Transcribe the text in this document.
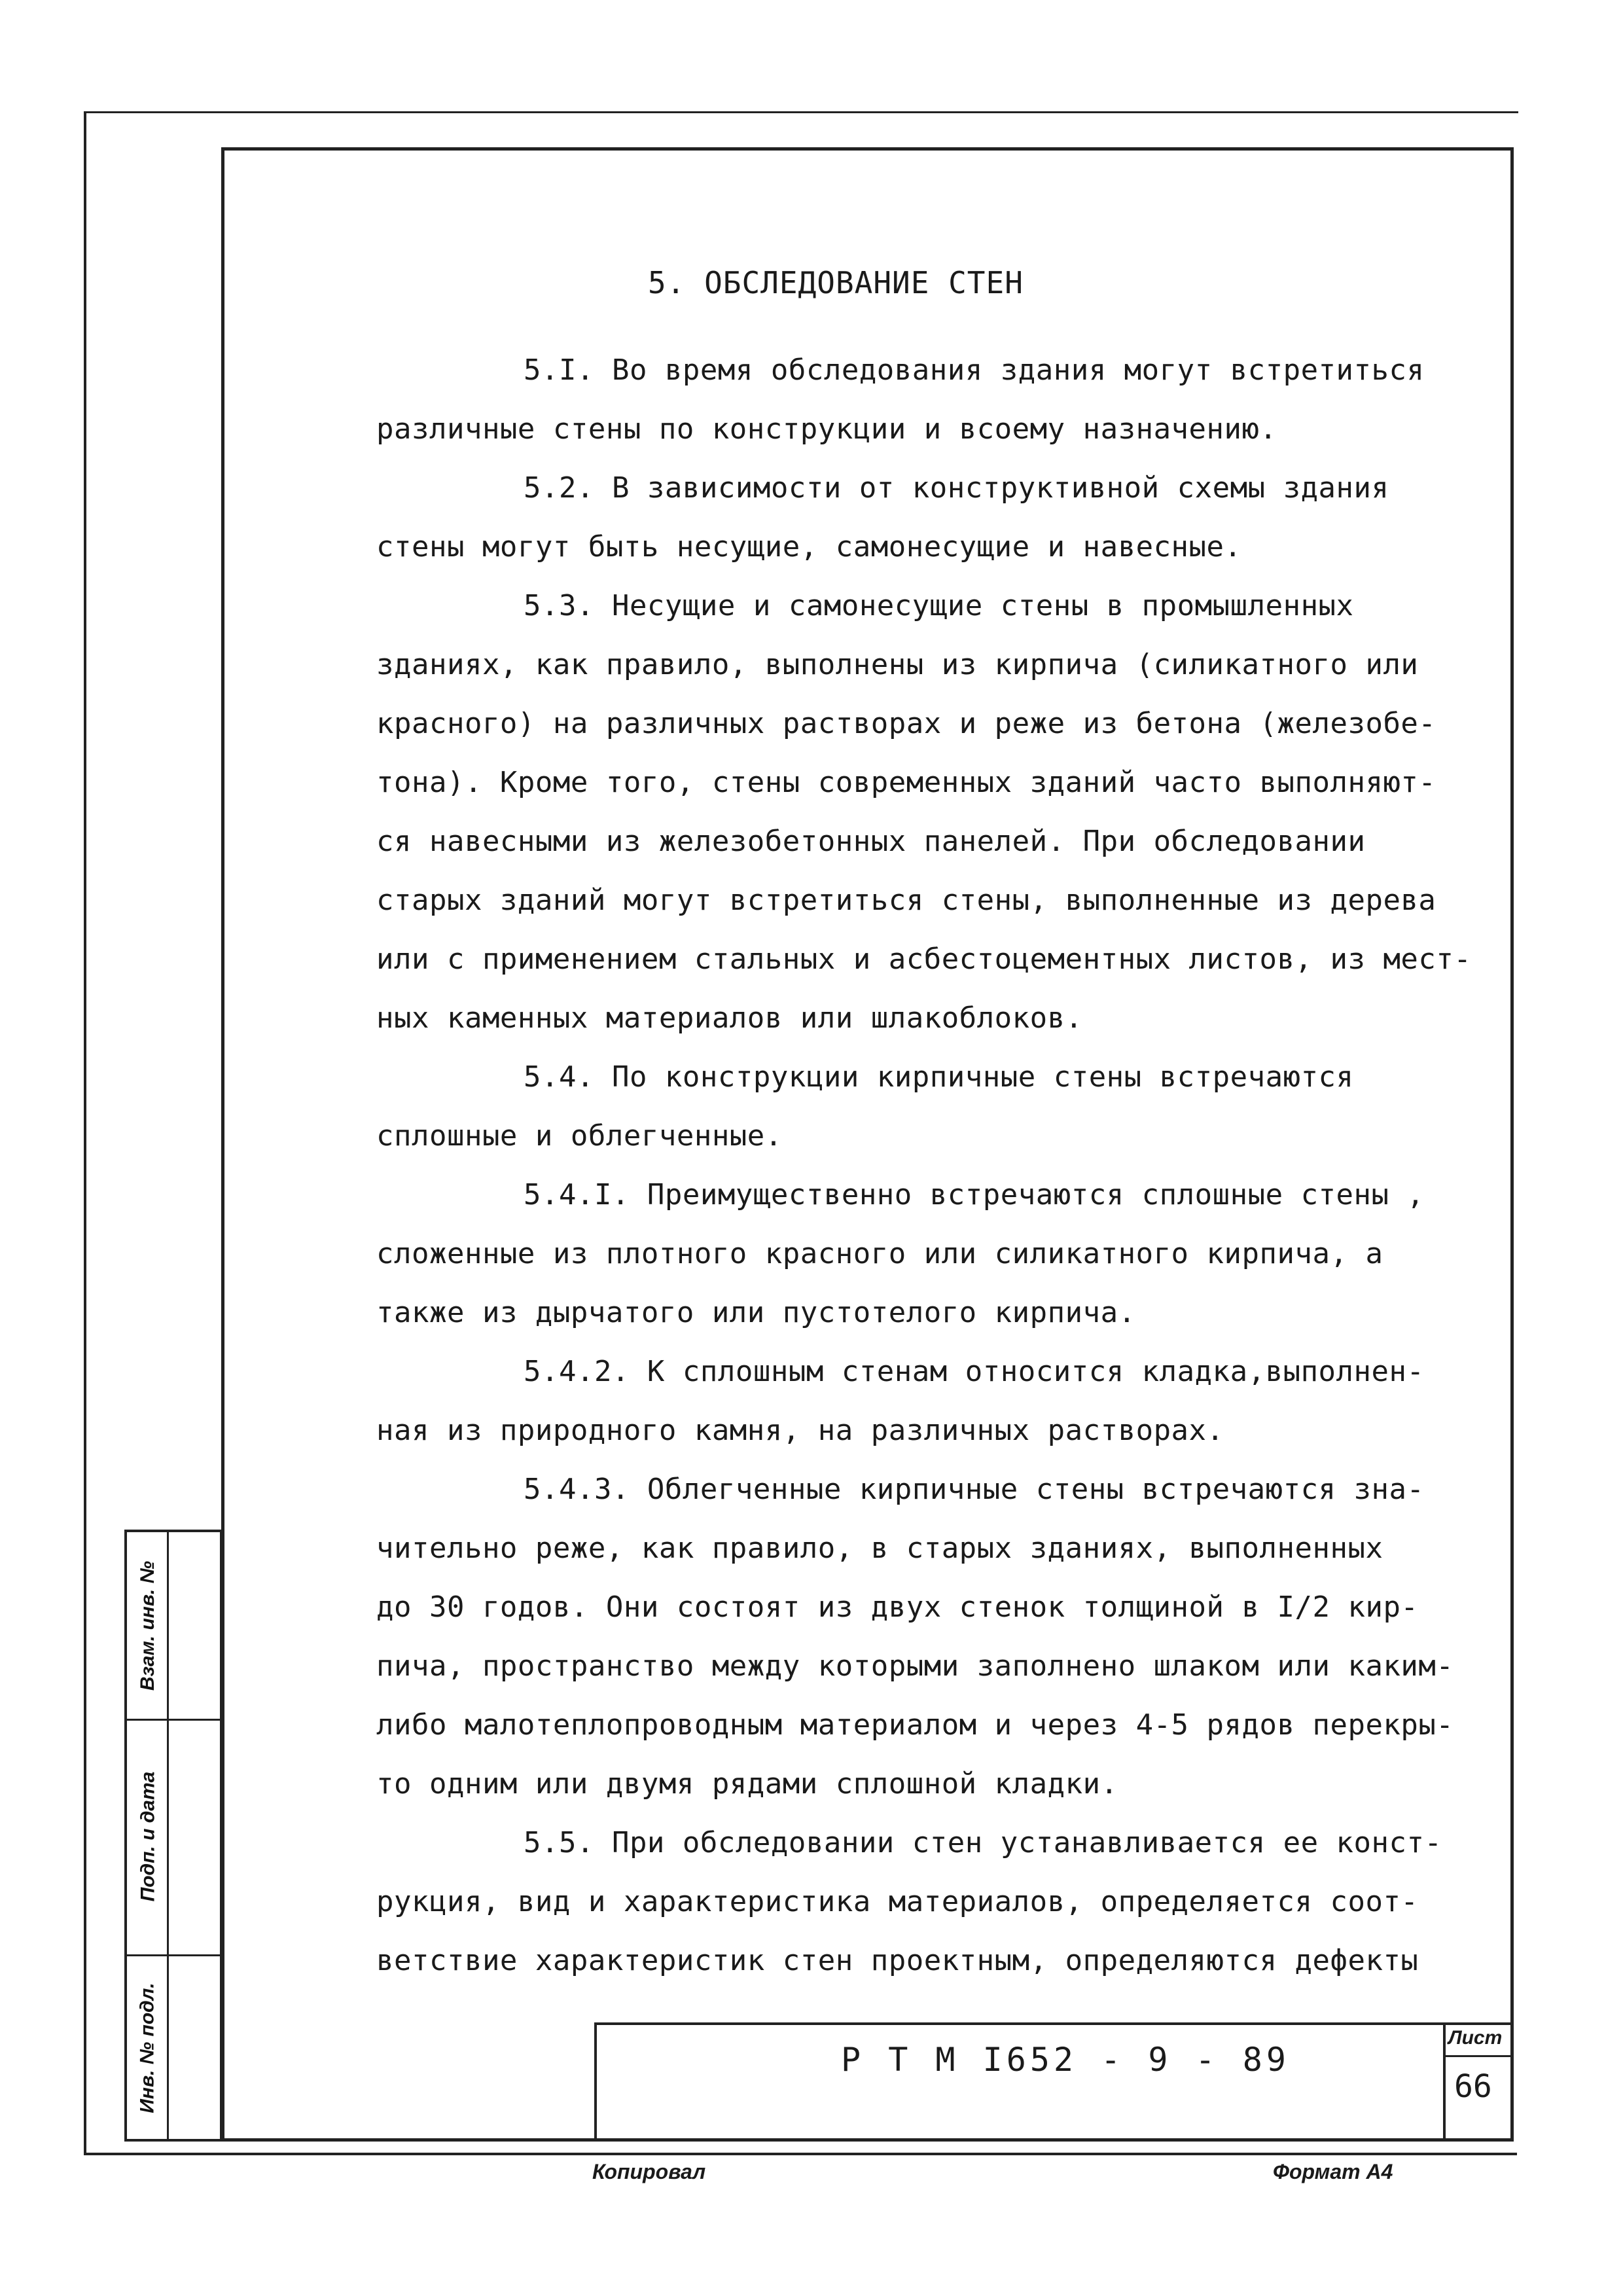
Взам. инв. №
Подп. и дата
Инв. № подл.
5. ОБСЛЕДОВАНИЕ СТЕН
5.I. Во время обследования здания могут встретиться
различные стены по конструкции и всоему назначению.
5.2. В зависимости от конструктивной схемы здания
стены могут быть несущие, самонесущие и навесные.
5.3. Несущие и самонесущие стены в промышленных
зданиях, как правило, выполнены из кирпича (силикатного или
красного) на различных растворах и реже из бетона (железобе-
тона). Кроме того, стены современных зданий часто выполняют-
ся навесными из железобетонных панелей. При обследовании
старых зданий могут встретиться стены, выполненные из дерева
или с применением стальных и асбестоцементных листов, из мест-
ных каменных материалов или шлакоблоков.
5.4. По конструкции кирпичные стены встречаются
сплошные и облегченные.
5.4.I. Преимущественно встречаются сплошные стены ,
сложенные из плотного красного или силикатного кирпича, а
также из дырчатого или пустотелого кирпича.
5.4.2. К сплошным стенам относится кладка,выполнен-
ная из природного камня, на различных растворах.
5.4.3. Облегченные кирпичные стены встречаются зна-
чительно реже, как правило, в старых зданиях, выполненных
до 30 годов. Они состоят из двух стенок толщиной в I/2 кир-
пича, пространство между которыми заполнено шлаком или каким-
либо малотеплопроводным материалом и через 4-5 рядов перекры-
то одним или двумя рядами сплошной кладки.
5.5. При обследовании стен устанавливается ее конст-
рукция, вид и характеристика материалов, определяется соот-
ветствие характеристик стен проектным, определяются дефекты
Р Т М I652 - 9 - 89
Лист
66
Копировал	Формат А4
